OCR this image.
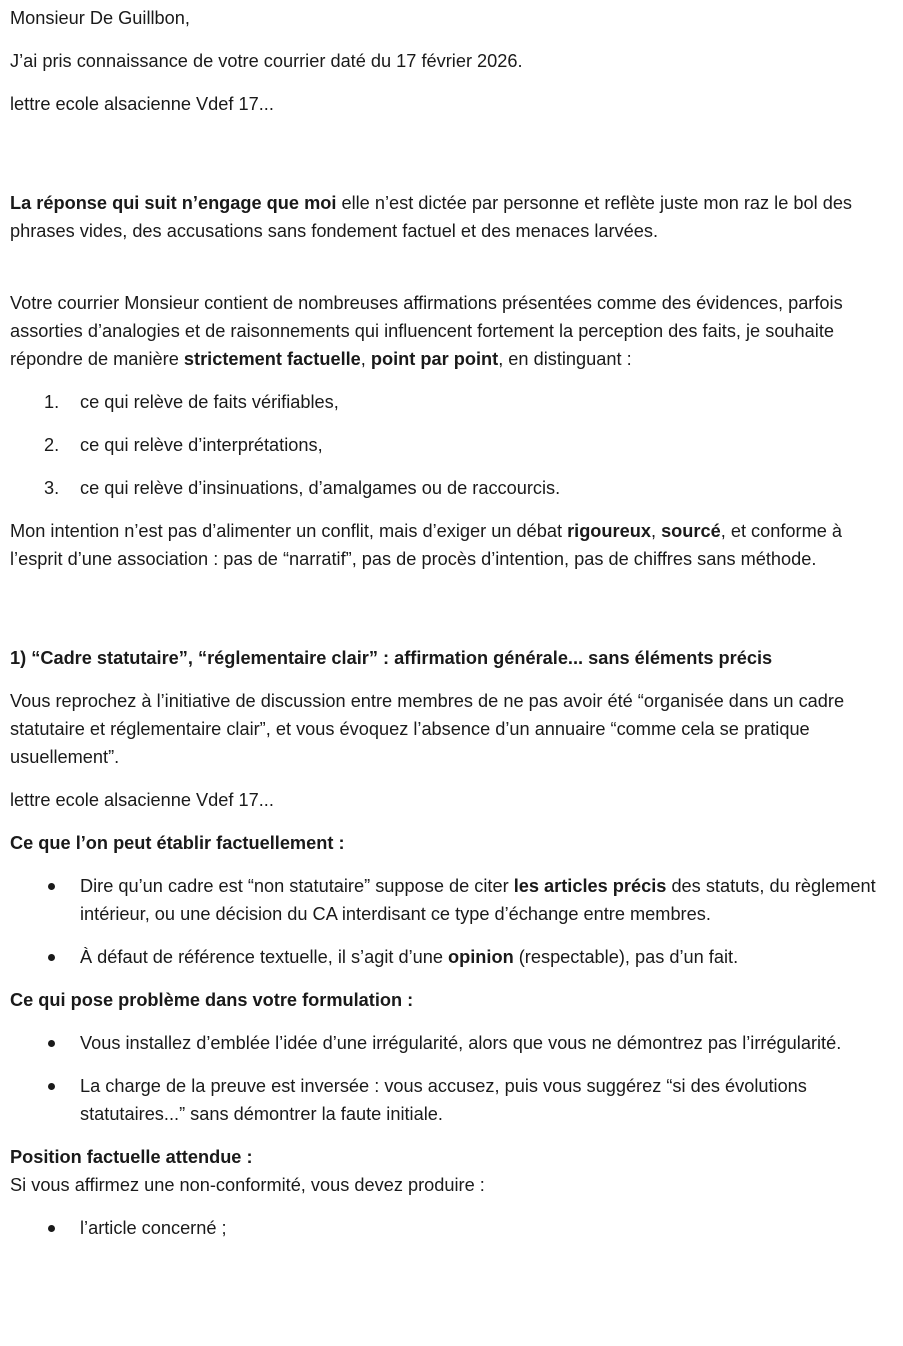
Monsieur De Guillbon,

J’ai pris connaissance de votre courrier daté du 17 février 2026.

lettre ecole alsacienne Vdef 17...

La réponse qui suit n’engage que moi elle n’est dictée par personne et reflète juste mon raz le bol des phrases vides, des accusations sans fondement factuel et des menaces larvées.

Votre courrier Monsieur contient de nombreuses affirmations présentées comme des évidences, parfois assorties d’analogies et de raisonnements qui influencent fortement la perception des faits, je souhaite répondre de manière strictement factuelle, point par point, en distinguant :

1. ce qui relève de faits vérifiables,
2. ce qui relève d’interprétations,
3. ce qui relève d’insinuations, d’amalgames ou de raccourcis.

Mon intention n’est pas d’alimenter un conflit, mais d’exiger un débat rigoureux, sourcé, et conforme à l’esprit d’une association : pas de “narratif”, pas de procès d’intention, pas de chiffres sans méthode.

1) “Cadre statutaire”, “réglementaire clair” : affirmation générale... sans éléments précis

Vous reprochez à l’initiative de discussion entre membres de ne pas avoir été “organisée dans un cadre statutaire et réglementaire clair”, et vous évoquez l’absence d’un annuaire “comme cela se pratique usuellement”.

lettre ecole alsacienne Vdef 17...

Ce que l’on peut établir factuellement :

Dire qu’un cadre est “non statutaire” suppose de citer les articles précis des statuts, du règlement intérieur, ou une décision du CA interdisant ce type d’échange entre membres.
À défaut de référence textuelle, il s’agit d’une opinion (respectable), pas d’un fait.

Ce qui pose problème dans votre formulation :

Vous installez d’emblée l’idée d’une irrégularité, alors que vous ne démontrez pas l’irrégularité.
La charge de la preuve est inversée : vous accusez, puis vous suggérez “si des évolutions statutaires...” sans démontrer la faute initiale.

Position factuelle attendue :

Si vous affirmez une non-conformité, vous devez produire :

l’article concerné ;
